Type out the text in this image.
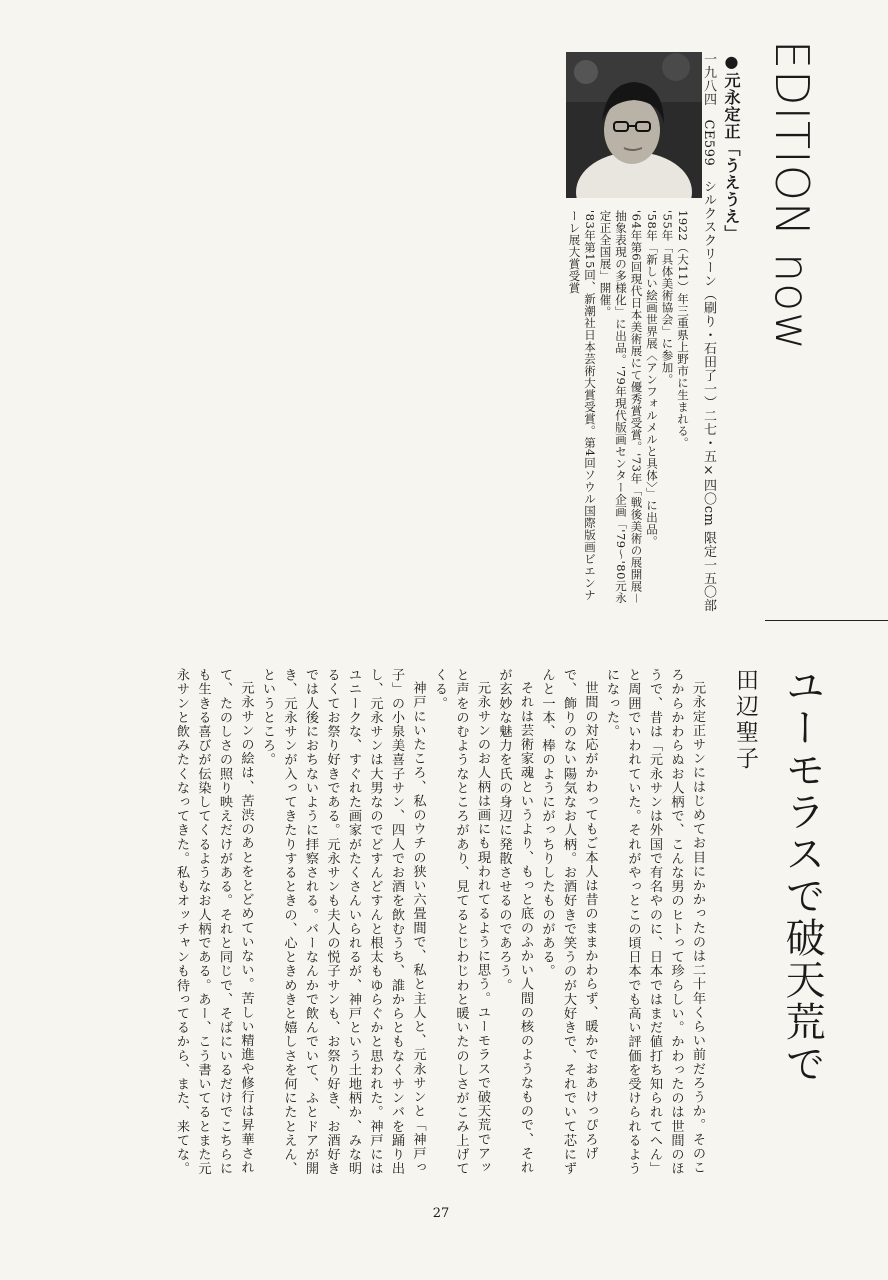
EDITION now
●元永定正「うえうえ」
一九八四　CE599　シルクスクリーン（刷り・石田了一）二七・五×四〇cm 限定一五〇部
1922（大11）年三重県上野市に生まれる。
'55年「具体美術協会」に参加。
'58年「新しい絵画世界展〈アンフォルメルと具体〉」に出品。
'64年第6回現代日本美術展にて優秀賞受賞。'73年「戦後美術の展開展－抽象表現の多様化」に出品。'79年現代版画センター企画「'79～'80元永定正全国展」開催。
'83年第15回、新潮社日本芸術大賞受賞。第4回ソウル国際版画ビエンナーレ展大賞受賞
ユーモラスで破天荒で
田辺聖子

元永定正サンにはじめてお目にかかったのは二十年くらい前だろうか。そのころからかわらぬお人柄で、こんな男のヒトって珍らしい。かわったのは世間のほうで、昔は「元永サンは外国で有名やのに、日本ではまだ値打ち知られてへん」と周囲でいわれていた。それがやっとこの頃日本でも高い評価を受けられるようになった。

世間の対応がかわってもご本人は昔のままかわらず、暖かでおあけっぴろげで、飾りのない陽気なお人柄。お酒好きで笑うのが大好きで、それでいて芯にずんと一本、棒のようにがっちりしたものがある。

それは芸術家魂というより、もっと底のふかい人間の核のようなもので、それが玄妙な魅力を氏の身辺に発散させるのであろう。

元永サンのお人柄は画にも現われてるように思う。ユーモラスで破天荒でアッと声をのむようなところがあり、見てるとじわじわと暖いたのしさがこみ上げてくる。

神戸にいたころ、私のウチの狭い六畳間で、私と主人と、元永サンと「神戸っ子」の小泉美喜子サン、四人でお酒を飲むうち、誰からともなくサンバを踊り出し、元永サンは大男なのでどすんどすんと根太もゆらぐかと思われた。神戸にはユニークな、すぐれた画家がたくさんいられるが、神戸という土地柄か、みな明るくてお祭り好きである。元永サンも夫人の悦子サンも、お祭り好き、お酒好きでは人後におちないように拝察される。バーなんかで飲んでいて、ふとドアが開き、元永サンが入ってきたりするときの、心ときめきと嬉しさを何にたとえん、というところ。

元永サンの絵は、苦渋のあとをとどめていない。苦しい精進や修行は昇華されて、たのしさの照り映えだけがある。それと同じで、そばにいるだけでこちらにも生きる喜びが伝染してくるようなお人柄である。あー、こう書いてるとまた元永サンと飲みたくなってきた。私もオッチャンも待ってるから、また、来てな。

27
